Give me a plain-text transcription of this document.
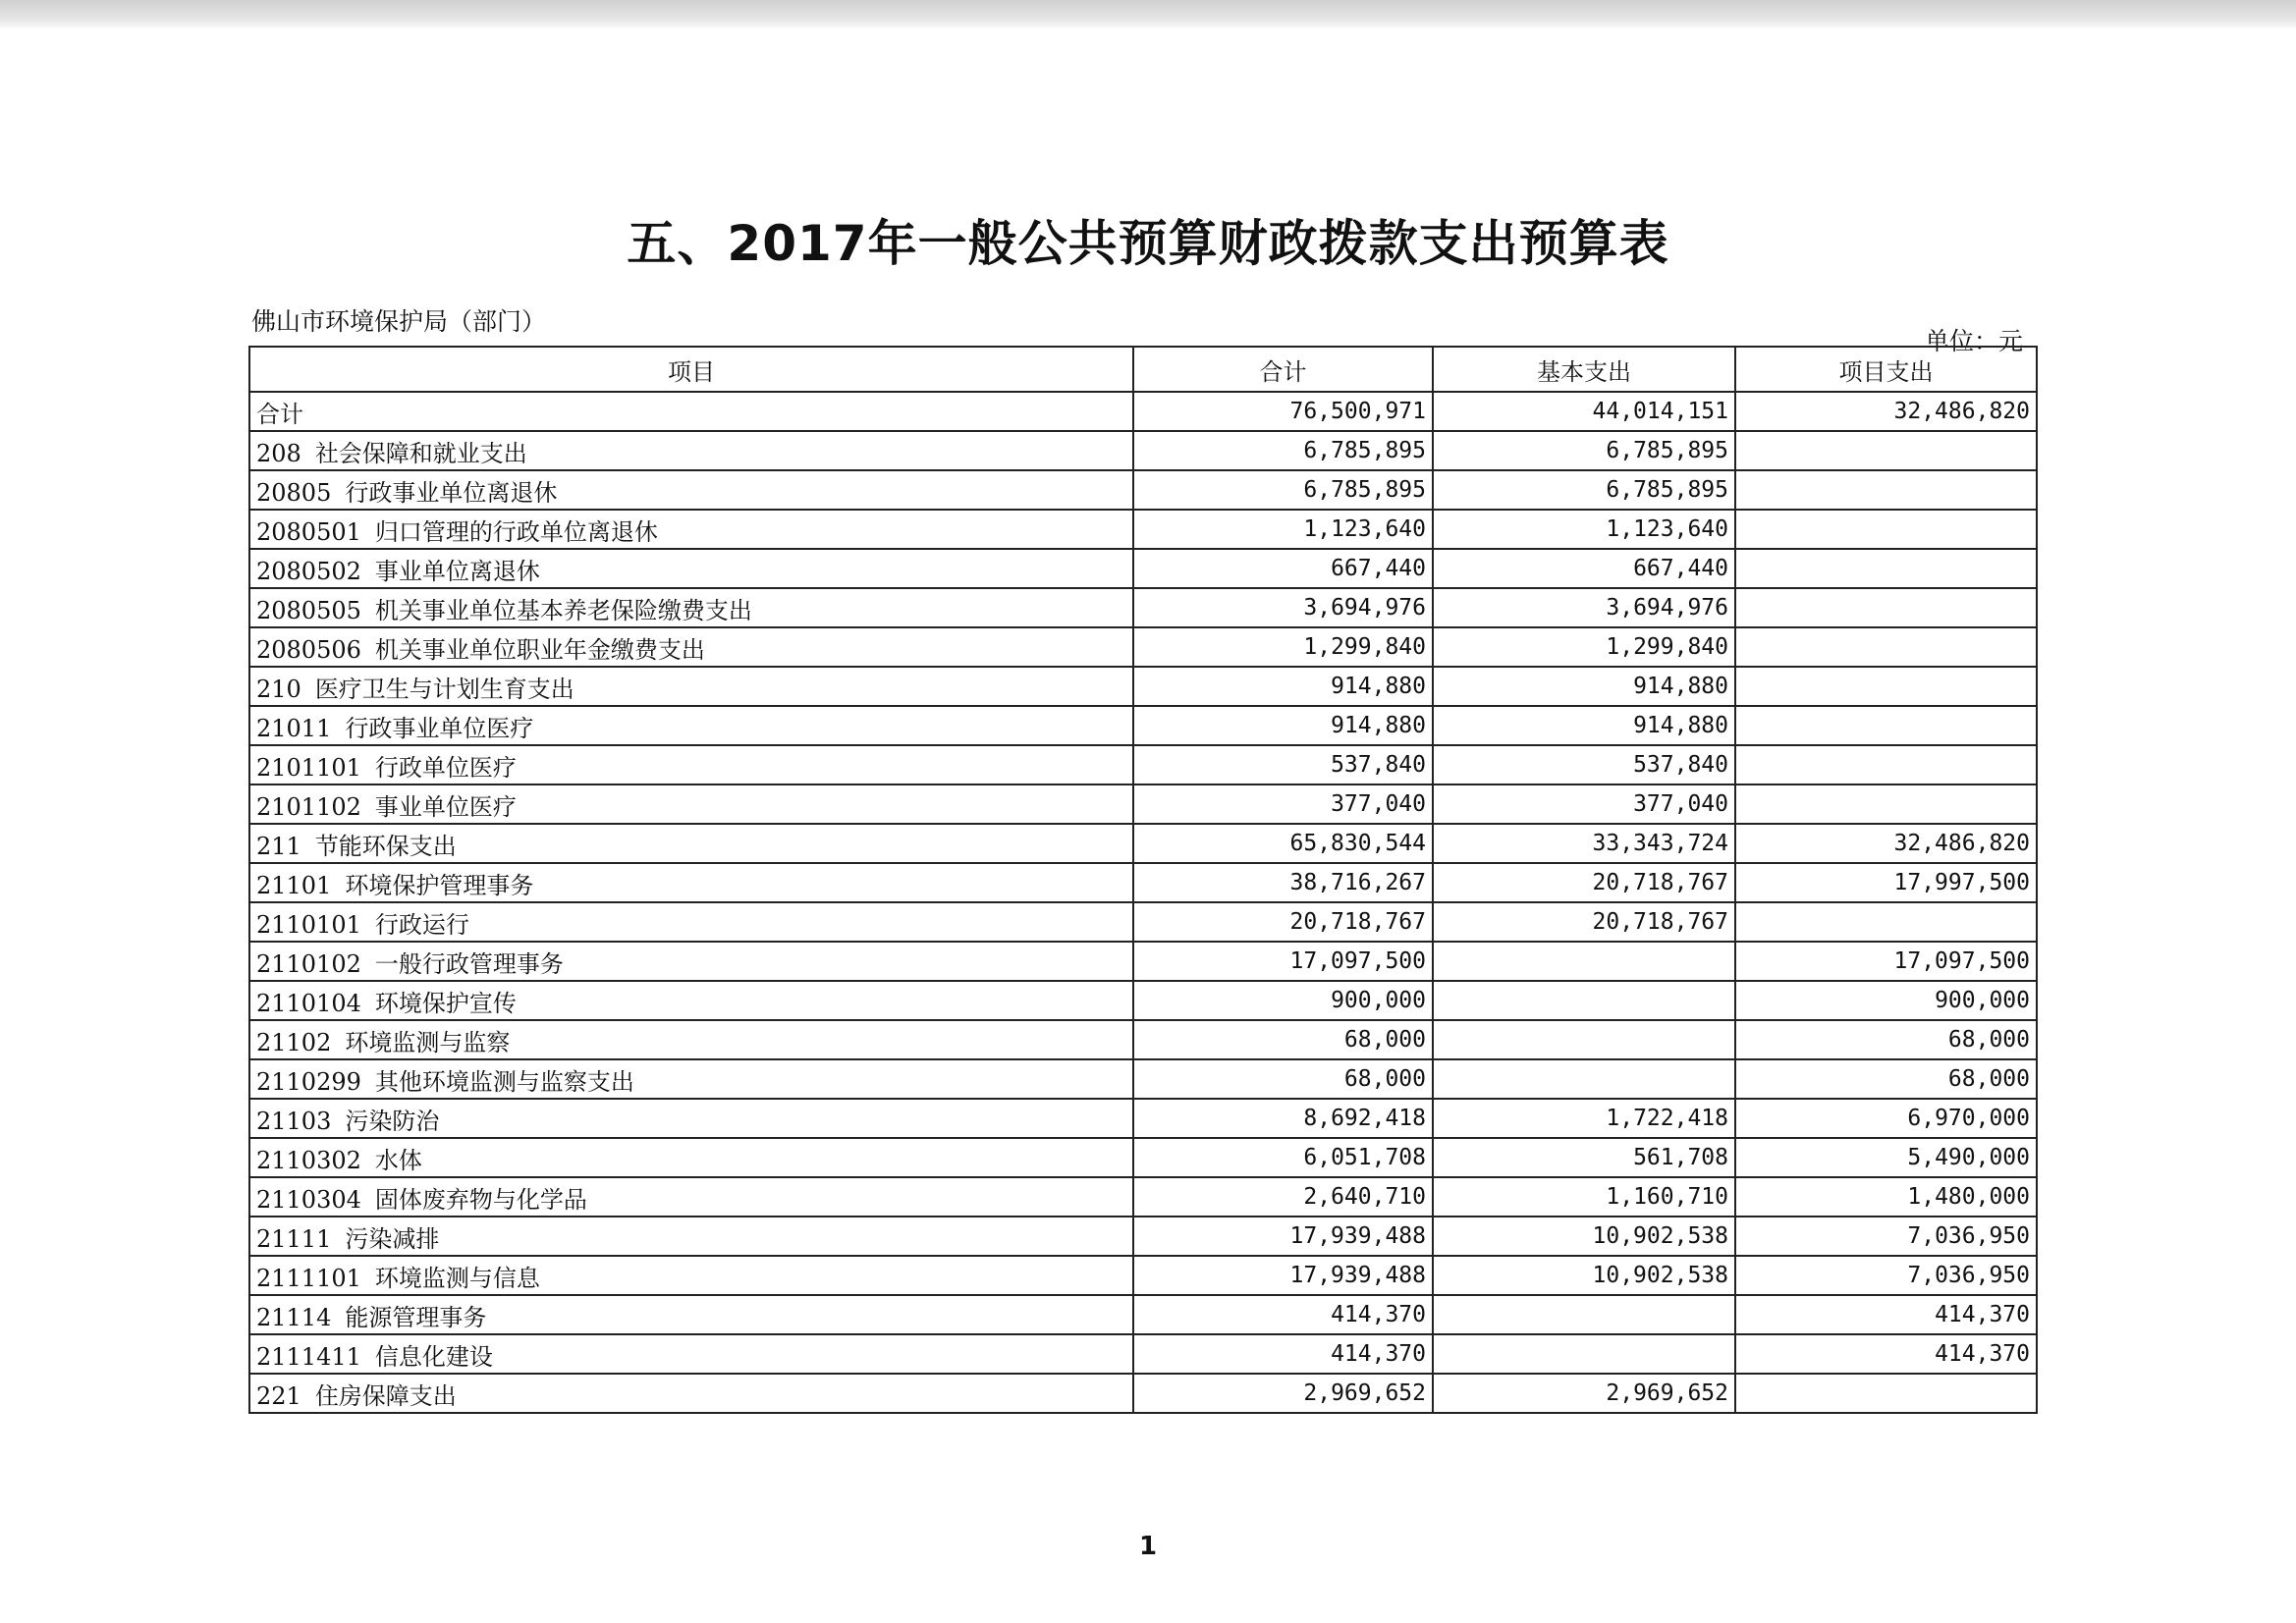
五、2017年一般公共预算财政拨款支出预算表
佛山市环境保护局（部门）
单位：元
项目	合计	基本支出	项目支出
合计	76,500,971	44,014,151	32,486,820
208 社会保障和就业支出	6,785,895	6,785,895	
20805 行政事业单位离退休	6,785,895	6,785,895	
2080501 归口管理的行政单位离退休	1,123,640	1,123,640	
2080502 事业单位离退休	667,440	667,440	
2080505 机关事业单位基本养老保险缴费支出	3,694,976	3,694,976	
2080506 机关事业单位职业年金缴费支出	1,299,840	1,299,840	
210 医疗卫生与计划生育支出	914,880	914,880	
21011 行政事业单位医疗	914,880	914,880	
2101101 行政单位医疗	537,840	537,840	
2101102 事业单位医疗	377,040	377,040	
211 节能环保支出	65,830,544	33,343,724	32,486,820
21101 环境保护管理事务	38,716,267	20,718,767	17,997,500
2110101 行政运行	20,718,767	20,718,767	
2110102 一般行政管理事务	17,097,500		17,097,500
2110104 环境保护宣传	900,000		900,000
21102 环境监测与监察	68,000		68,000
2110299 其他环境监测与监察支出	68,000		68,000
21103 污染防治	8,692,418	1,722,418	6,970,000
2110302 水体	6,051,708	561,708	5,490,000
2110304 固体废弃物与化学品	2,640,710	1,160,710	1,480,000
21111 污染减排	17,939,488	10,902,538	7,036,950
2111101 环境监测与信息	17,939,488	10,902,538	7,036,950
21114 能源管理事务	414,370		414,370
2111411 信息化建设	414,370		414,370
221 住房保障支出	2,969,652	2,969,652	
1
